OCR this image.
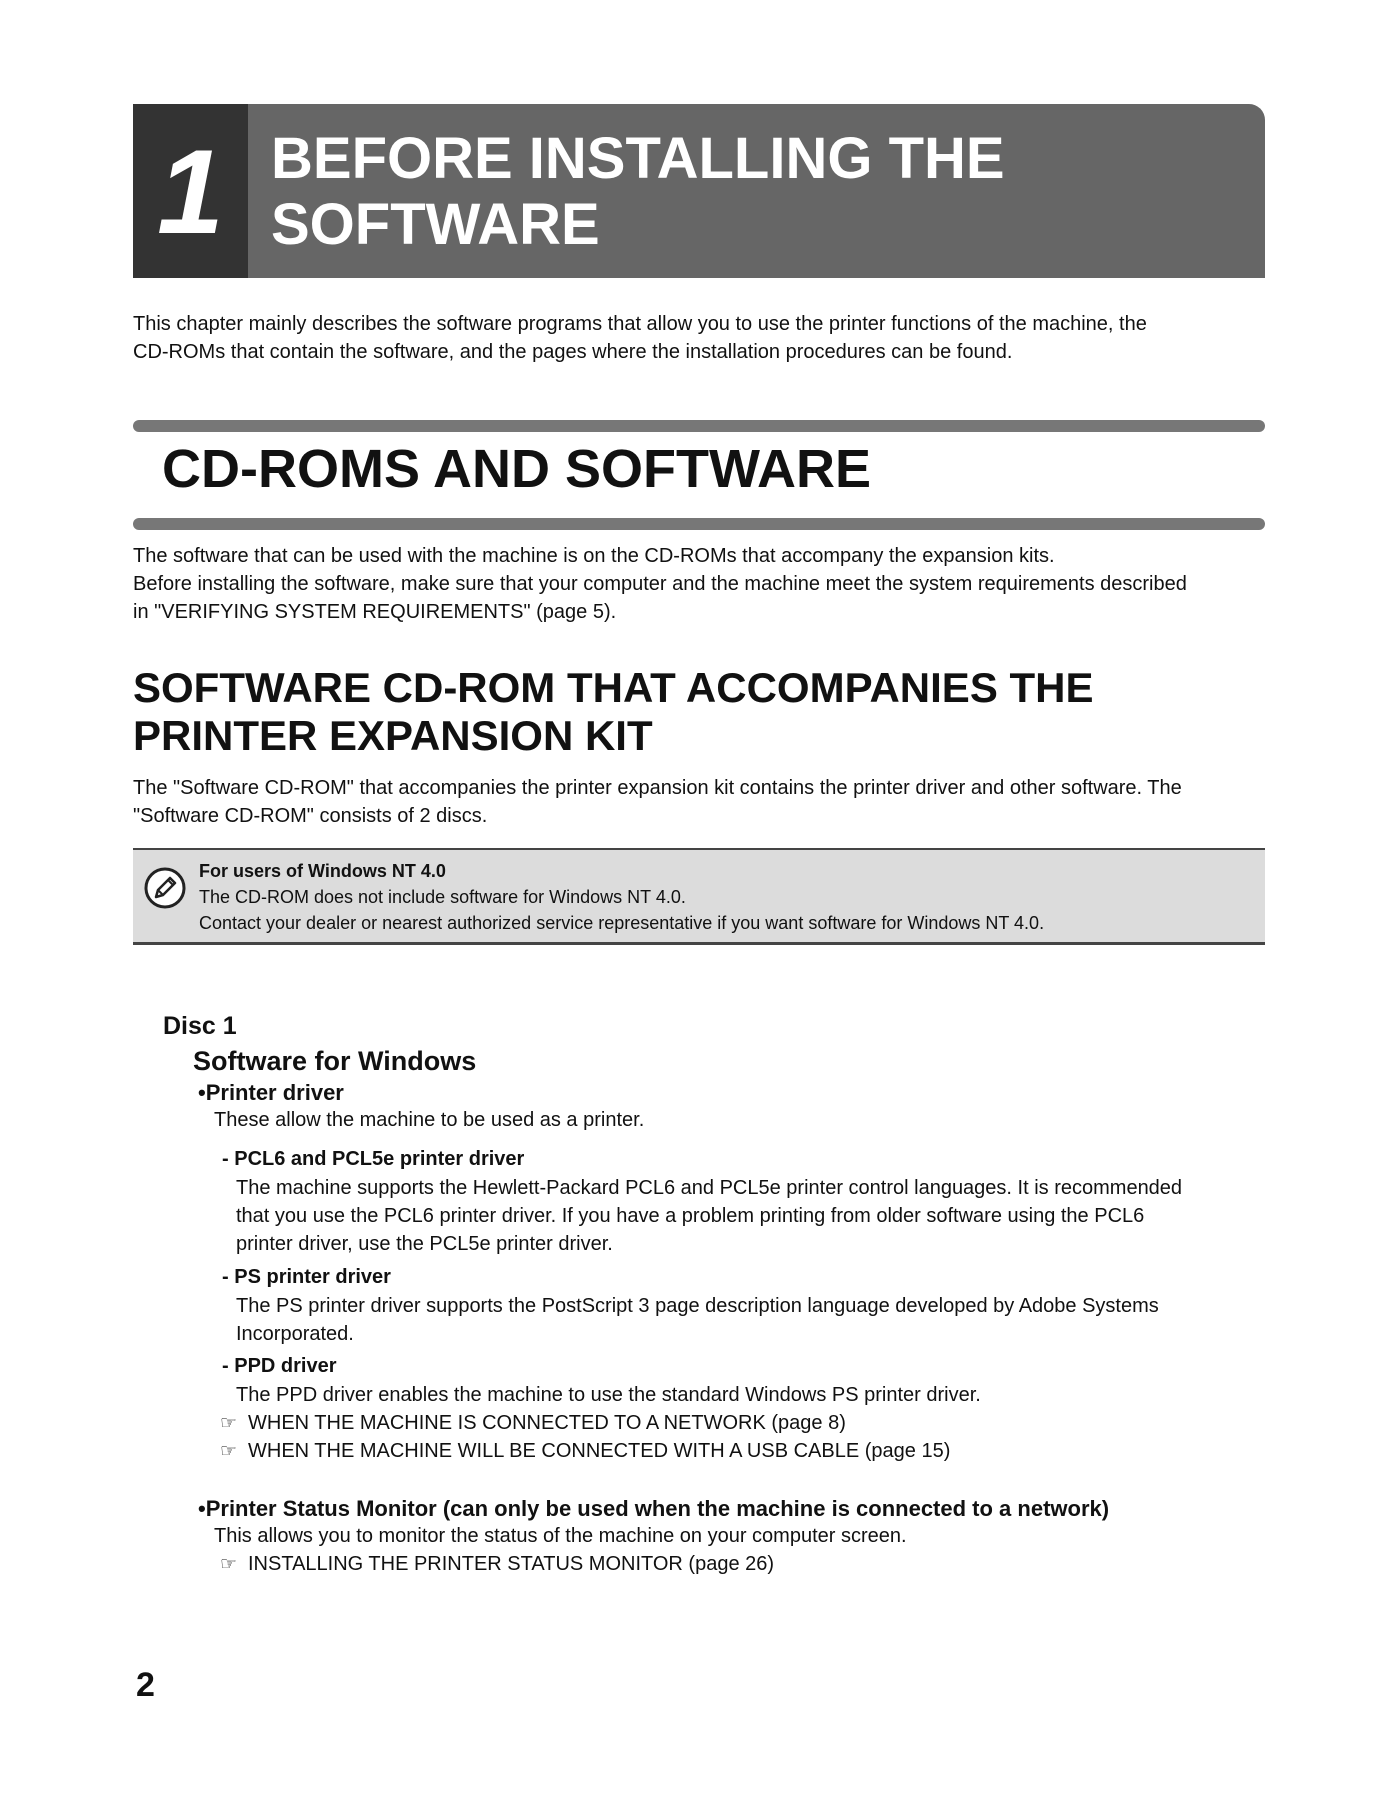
1 BEFORE INSTALLING THE
SOFTWARE

This chapter mainly describes the software programs that allow you to use the printer functions of the machine, the

CD-ROMs that contain the software, and the pages where the installation procedures can be found.

CD-ROMS AND SOFTWARE

The software that can be used with the machine is on the CD-ROMs that accompany the expansion kits.

Before installing the software, make sure that your computer and the machine meet the system requirements described

in "VERIFYING SYSTEM REQUIREMENTS" (page 5).

SOFTWARE CD-ROM THAT ACCOMPANIES THE
PRINTER EXPANSION KIT

The "Software CD-ROM" that accompanies the printer expansion kit contains the printer driver and other software. The

"Software CD-ROM" consists of 2 discs.

For users of Windows NT 4.0
The CD-ROM does not include software for Windows NT 4.0.
Contact your dealer or nearest authorized service representative if you want software for Windows NT 4.0.
Disc 1
Software for Windows
•Printer driver
These allow the machine to be used as a printer.
- PCL6 and PCL5e printer driver
The machine supports the Hewlett-Packard PCL6 and PCL5e printer control languages. It is recommended
that you use the PCL6 printer driver. If you have a problem printing from older software using the PCL6
printer driver, use the PCL5e printer driver.
- PS printer driver
The PS printer driver supports the PostScript 3 page description language developed by Adobe Systems
Incorporated.
- PPD driver
The PPD driver enables the machine to use the standard Windows PS printer driver.
☞ WHEN THE MACHINE IS CONNECTED TO A NETWORK (page 8)
☞ WHEN THE MACHINE WILL BE CONNECTED WITH A USB CABLE (page 15)
•Printer Status Monitor (can only be used when the machine is connected to a network)
This allows you to monitor the status of the machine on your computer screen.
☞ INSTALLING THE PRINTER STATUS MONITOR (page 26)
2
